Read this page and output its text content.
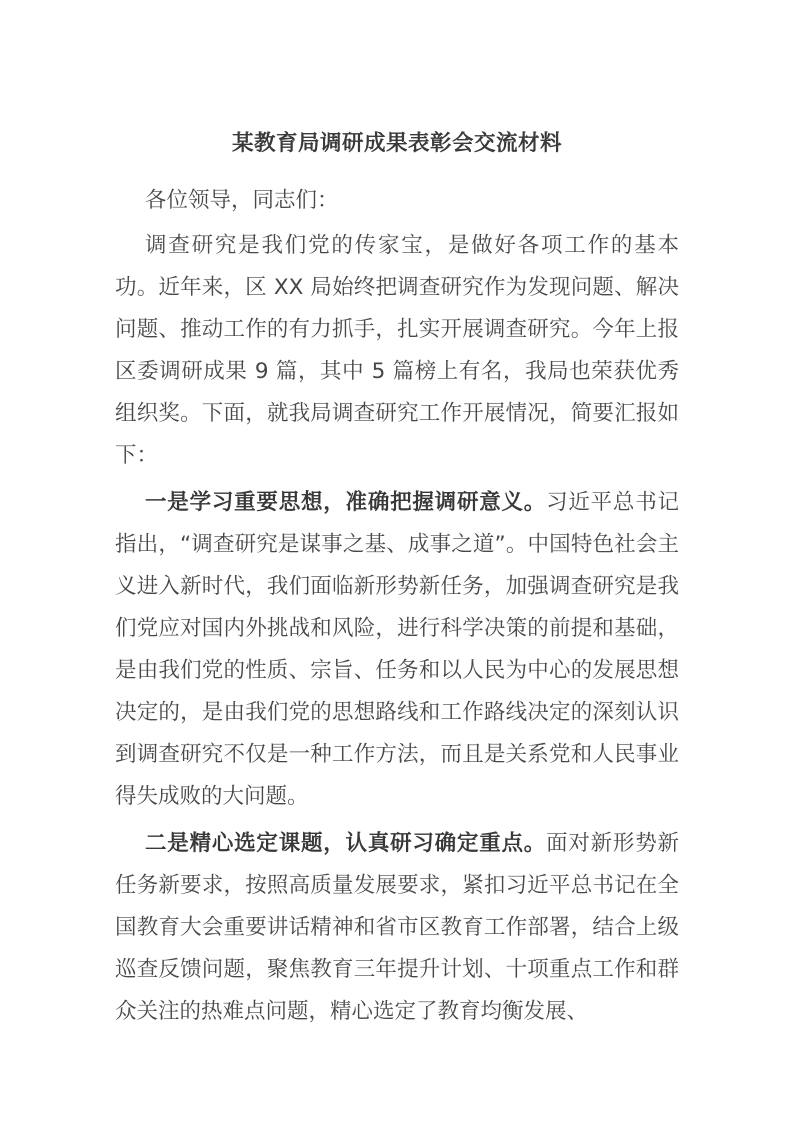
某教育局调研成果表彰会交流材料

各位领导，同志们：

调查研究是我们党的传家宝，是做好各项工作的基本功。近年来，区 XX 局始终把调查研究作为发现问题、解决问题、推动工作的有力抓手，扎实开展调查研究。今年上报区委调研成果 9 篇，其中 5 篇榜上有名，我局也荣获优秀组织奖。下面，就我局调查研究工作开展情况，简要汇报如下：

一是学习重要思想，准确把握调研意义。习近平总书记指出，“调查研究是谋事之基、成事之道”。中国特色社会主义进入新时代，我们面临新形势新任务，加强调查研究是我们党应对国内外挑战和风险，进行科学决策的前提和基础，是由我们党的性质、宗旨、任务和以人民为中心的发展思想决定的，是由我们党的思想路线和工作路线决定的深刻认识到调查研究不仅是一种工作方法，而且是关系党和人民事业得失成败的大问题。

二是精心选定课题，认真研习确定重点。面对新形势新任务新要求，按照高质量发展要求，紧扣习近平总书记在全国教育大会重要讲话精神和省市区教育工作部署，结合上级巡查反馈问题，聚焦教育三年提升计划、十项重点工作和群众关注的热难点问题，精心选定了教育均衡发展、
